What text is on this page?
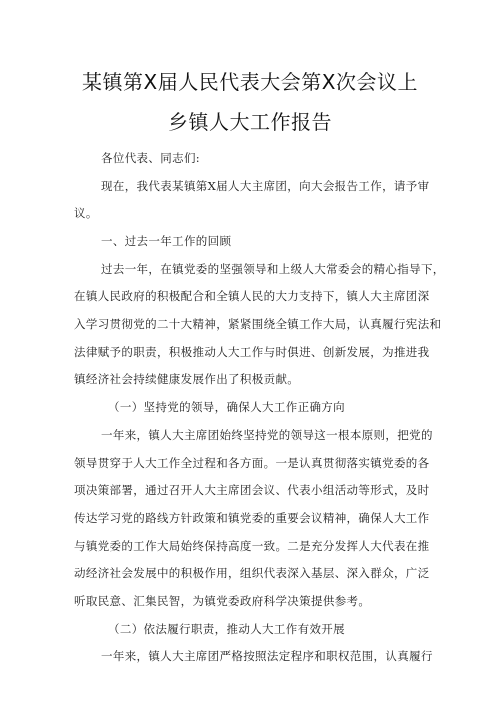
某镇第X届人民代表大会第X次会议上
乡镇人大工作报告
各位代表、同志们:
现在，我代表某镇第X届人大主席团，向大会报告工作，请予审
议。
一、过去一年工作的回顾
过去一年，在镇党委的坚强领导和上级人大常委会的精心指导下，
在镇人民政府的积极配合和全镇人民的大力支持下，镇人大主席团深
入学习贯彻党的二十大精神，紧紧围绕全镇工作大局，认真履行宪法和
法律赋予的职责，积极推动人大工作与时俱进、创新发展，为推进我
镇经济社会持续健康发展作出了积极贡献。
（一）坚持党的领导，确保人大工作正确方向
一年来，镇人大主席团始终坚持党的领导这一根本原则，把党的
领导贯穿于人大工作全过程和各方面。一是认真贯彻落实镇党委的各
项决策部署，通过召开人大主席团会议、代表小组活动等形式，及时
传达学习党的路线方针政策和镇党委的重要会议精神，确保人大工作
与镇党委的工作大局始终保持高度一致。二是充分发挥人大代表在推
动经济社会发展中的积极作用，组织代表深入基层、深入群众，广泛
听取民意、汇集民智，为镇党委政府科学决策提供参考。
（二）依法履行职责，推动人大工作有效开展
一年来，镇人大主席团严格按照法定程序和职权范围，认真履行
